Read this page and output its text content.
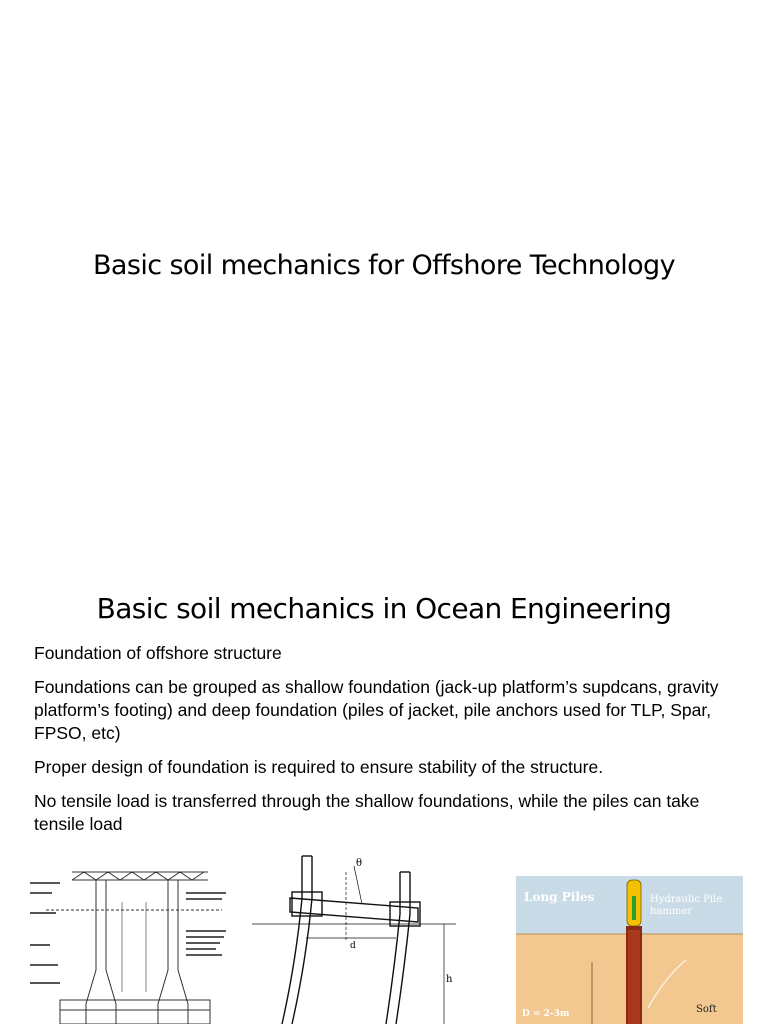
Basic soil mechanics for Offshore Technology
Basic soil mechanics in Ocean Engineering
Foundation of offshore structure
Foundations can be grouped as shallow foundation (jack-up platform’s supdcans, gravity platform’s footing) and deep foundation (piles of jacket, pile anchors used for TLP, Spar, FPSO, etc)
Proper design of foundation is required to ensure stability of the structure.
No tensile load is transferred through the shallow foundations, while the piles can take tensile load
θ
d
h
Long Piles	Hydraulic Pile hammer
D = 2-3m	Soft
